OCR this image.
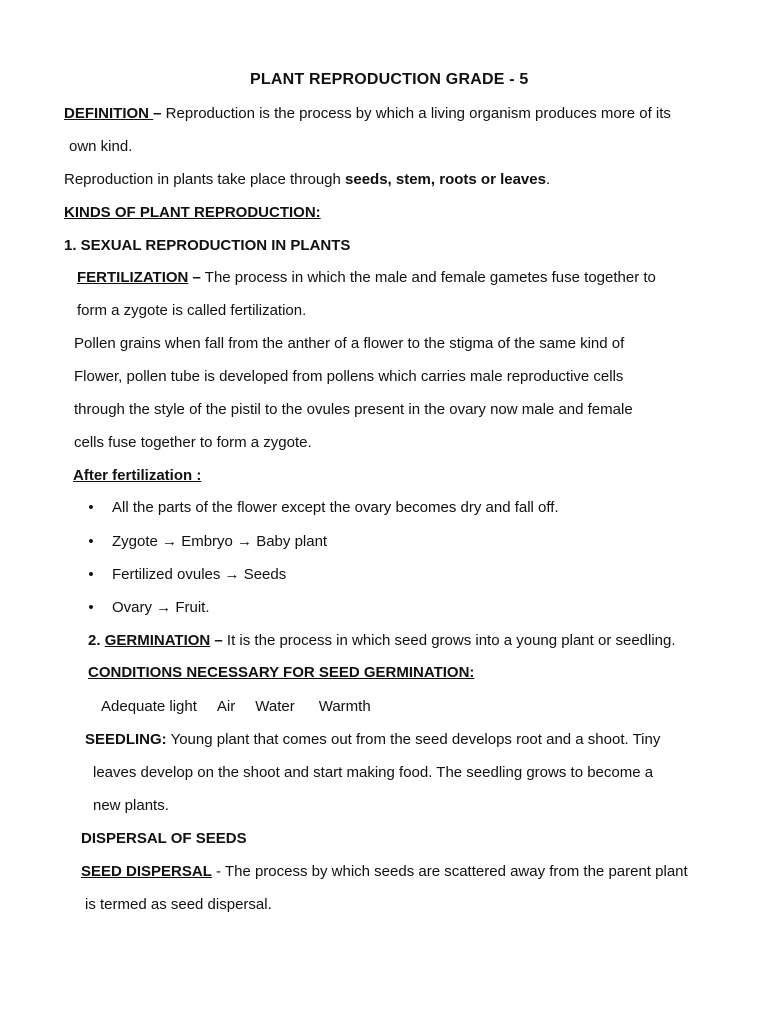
PLANT REPRODUCTION GRADE - 5
DEFINITION – Reproduction is the process by which a living organism produces more of its
own kind.
Reproduction in plants take place through seeds, stem, roots or leaves.
KINDS OF PLANT REPRODUCTION:
1. SEXUAL REPRODUCTION IN PLANTS
FERTILIZATION – The process in which the male and female gametes fuse together to
form a zygote is called fertilization.
Pollen grains when fall from the anther of a flower to the stigma of the same kind of
Flower, pollen tube is developed from pollens which carries male reproductive cells
through the style of the pistil to the ovules present in the ovary now male and female
cells fuse together to form a zygote.
After fertilization :
• All the parts of the flower except the ovary becomes dry and fall off.
• Zygote → Embryo → Baby plant
• Fertilized ovules → Seeds
• Ovary → Fruit.
2. GERMINATION – It is the process in which seed grows into a young plant or seedling.
CONDITIONS NECESSARY FOR SEED GERMINATION:
Adequate light Air Water Warmth
SEEDLING: Young plant that comes out from the seed develops root and a shoot. Tiny
leaves develop on the shoot and start making food. The seedling grows to become a
new plants.
DISPERSAL OF SEEDS
SEED DISPERSAL - The process by which seeds are scattered away from the parent plant
is termed as seed dispersal.
